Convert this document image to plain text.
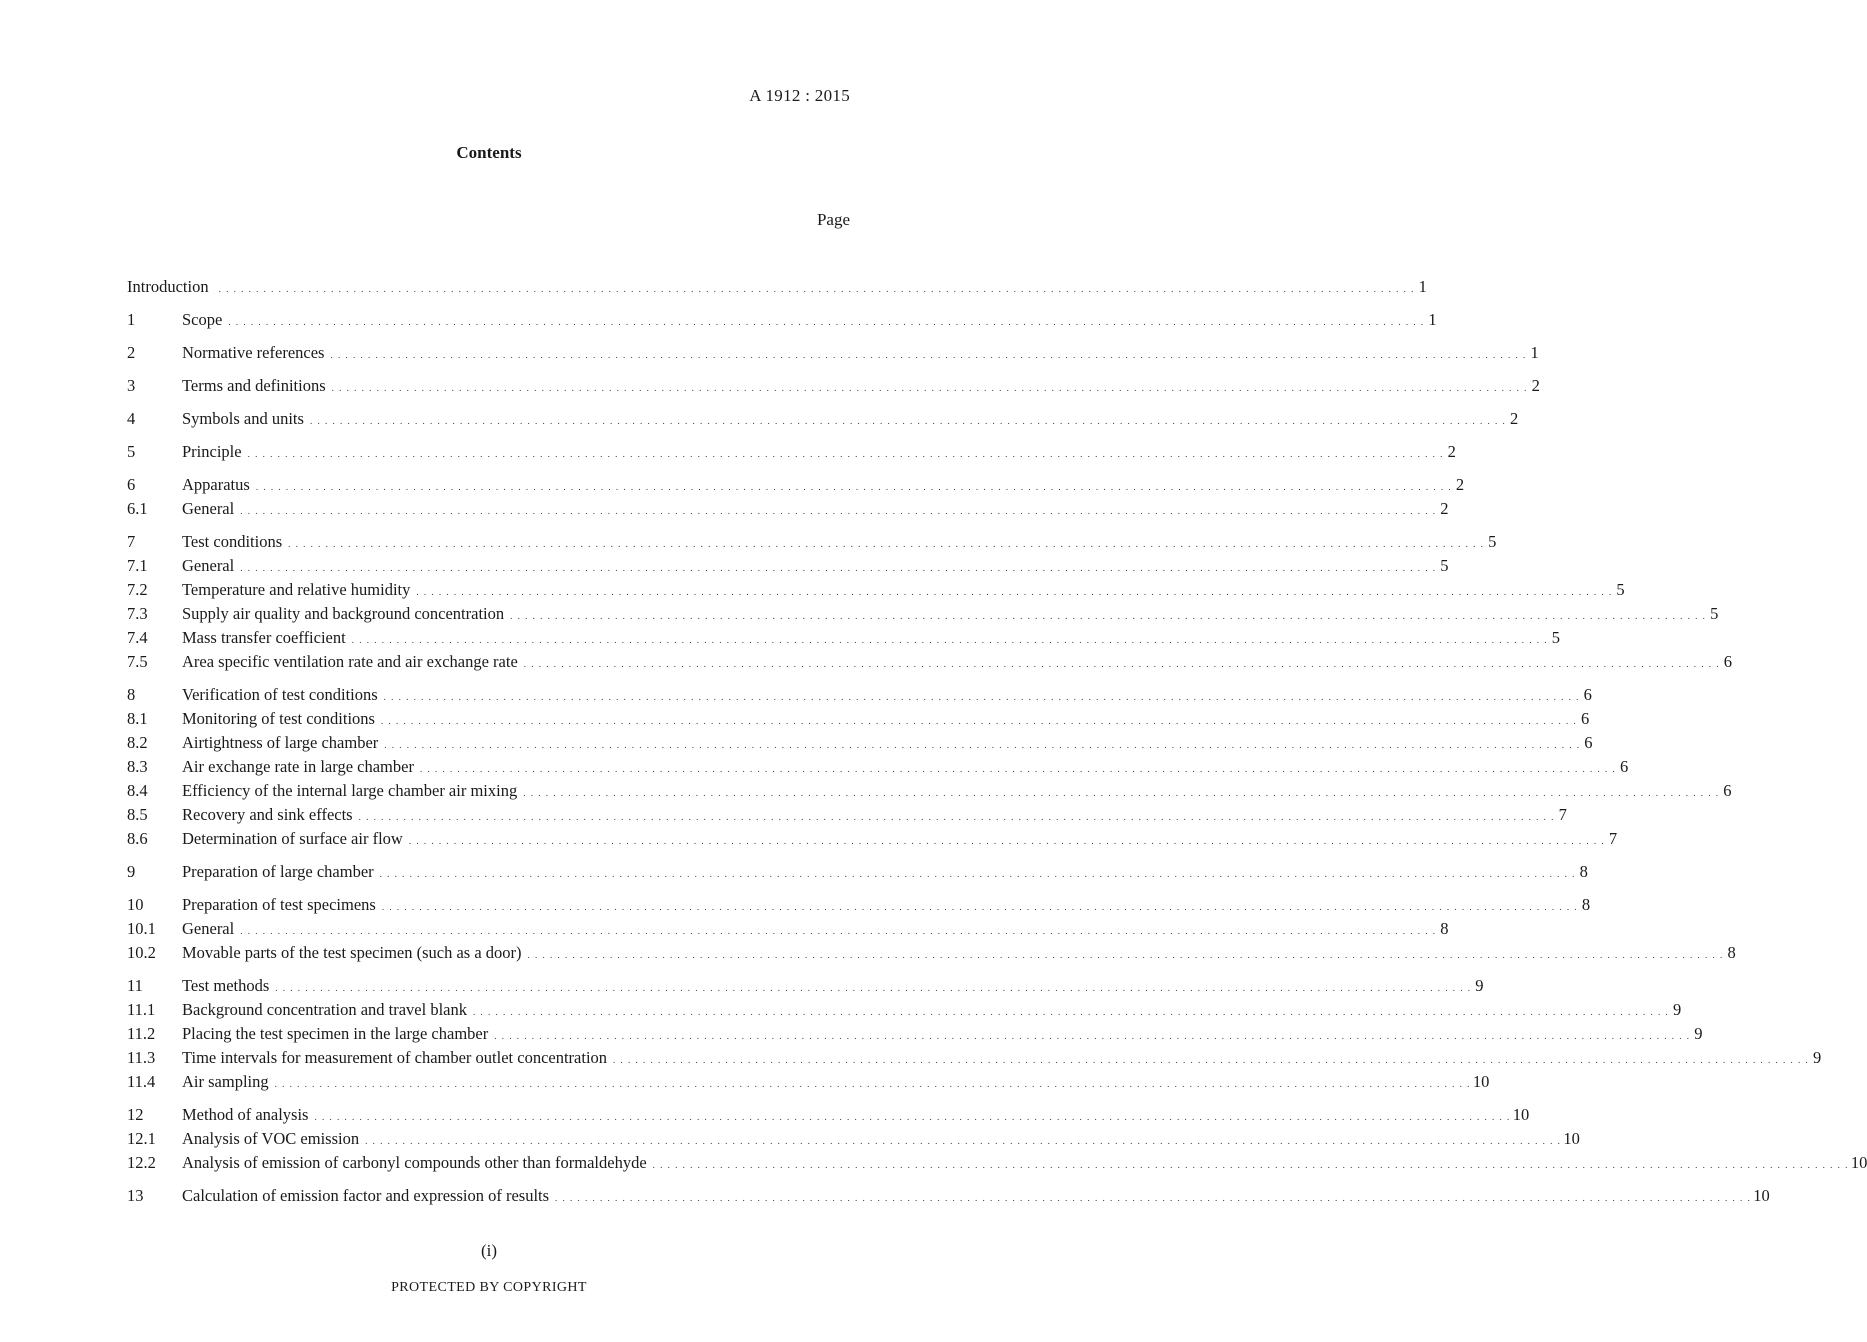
A 1912 : 2015
Contents
Page
Introduction	. . . . . . . . . . . . . . . . . . . . . . . . . . . . . . . . . . . . . . . . . . . . . . . . . . . . . . . . . . . . . . . . . . . . . . . . . . . . . . . . . . . . . . . . . . . . . . . . . . . . . . . . . . . . . . . . . . . . . . . . . . . . . . . . . . . . . . . . . . . . . . . . . . . . . . . . . . . . . . . . 1
1	Scope . . . . . . . . . . . . . . . . . . . . . . . . . . . . . . . . . . . . . . . . . . . . . . . . . . . . . . . . . . . . . . . . . . . . . . . . . . . . . . . . . . . . . . . . . . . . . . . . . . . . . . . . . . . . . . . . . . . . . . . . . . . . . . . . . . . . . . . . . . . . . . . . . . . . . . . . . . . . . . . . 1
2	Normative references . . . . . . . . . . . . . . . . . . . . . . . . . . . . . . . . . . . . . . . . . . . . . . . . . . . . . . . . . . . . . . . . . . . . . . . . . . . . . . . . . . . . . . . . . . . . . . . . . . . . . . . . . . . . . . . . . . . . . . . . . . . . . . . . . . . . . . . . . . . . . . . . . . . . . . . . . . . . . . . . 1
3	Terms and definitions . . . . . . . . . . . . . . . . . . . . . . . . . . . . . . . . . . . . . . . . . . . . . . . . . . . . . . . . . . . . . . . . . . . . . . . . . . . . . . . . . . . . . . . . . . . . . . . . . . . . . . . . . . . . . . . . . . . . . . . . . . . . . . . . . . . . . . . . . . . . . . . . . . . . . . . . . . . . . . . . 2
4	Symbols and units . . . . . . . . . . . . . . . . . . . . . . . . . . . . . . . . . . . . . . . . . . . . . . . . . . . . . . . . . . . . . . . . . . . . . . . . . . . . . . . . . . . . . . . . . . . . . . . . . . . . . . . . . . . . . . . . . . . . . . . . . . . . . . . . . . . . . . . . . . . . . . . . . . . . . . . . . . . . . . . . 2
5	Principle . . . . . . . . . . . . . . . . . . . . . . . . . . . . . . . . . . . . . . . . . . . . . . . . . . . . . . . . . . . . . . . . . . . . . . . . . . . . . . . . . . . . . . . . . . . . . . . . . . . . . . . . . . . . . . . . . . . . . . . . . . . . . . . . . . . . . . . . . . . . . . . . . . . . . . . . . . . . . . . . 2
6	Apparatus . . . . . . . . . . . . . . . . . . . . . . . . . . . . . . . . . . . . . . . . . . . . . . . . . . . . . . . . . . . . . . . . . . . . . . . . . . . . . . . . . . . . . . . . . . . . . . . . . . . . . . . . . . . . . . . . . . . . . . . . . . . . . . . . . . . . . . . . . . . . . . . . . . . . . . . . . . . . . . . . 2
6.1	General . . . . . . . . . . . . . . . . . . . . . . . . . . . . . . . . . . . . . . . . . . . . . . . . . . . . . . . . . . . . . . . . . . . . . . . . . . . . . . . . . . . . . . . . . . . . . . . . . . . . . . . . . . . . . . . . . . . . . . . . . . . . . . . . . . . . . . . . . . . . . . . . . . . . . . . . . . . . . . . . 2
7	Test conditions . . . . . . . . . . . . . . . . . . . . . . . . . . . . . . . . . . . . . . . . . . . . . . . . . . . . . . . . . . . . . . . . . . . . . . . . . . . . . . . . . . . . . . . . . . . . . . . . . . . . . . . . . . . . . . . . . . . . . . . . . . . . . . . . . . . . . . . . . . . . . . . . . . . . . . . . . . . . . . . . 5
7.1	General . . . . . . . . . . . . . . . . . . . . . . . . . . . . . . . . . . . . . . . . . . . . . . . . . . . . . . . . . . . . . . . . . . . . . . . . . . . . . . . . . . . . . . . . . . . . . . . . . . . . . . . . . . . . . . . . . . . . . . . . . . . . . . . . . . . . . . . . . . . . . . . . . . . . . . . . . . . . . . . . 5
7.2	Temperature and relative humidity . . . . . . . . . . . . . . . . . . . . . . . . . . . . . . . . . . . . . . . . . . . . . . . . . . . . . . . . . . . . . . . . . . . . . . . . . . . . . . . . . . . . . . . . . . . . . . . . . . . . . . . . . . . . . . . . . . . . . . . . . . . . . . . . . . . . . . . . . . . . . . . . . . . . . . . . . . . . . . . . 5
7.3	Supply air quality and background concentration . . . . . . . . . . . . . . . . . . . . . . . . . . . . . . . . . . . . . . . . . . . . . . . . . . . . . . . . . . . . . . . . . . . . . . . . . . . . . . . . . . . . . . . . . . . . . . . . . . . . . . . . . . . . . . . . . . . . . . . . . . . . . . . . . . . . . . . . . . . . . . . . . . . . . . . . . . . . . . . . 5
7.4	Mass transfer coefficient . . . . . . . . . . . . . . . . . . . . . . . . . . . . . . . . . . . . . . . . . . . . . . . . . . . . . . . . . . . . . . . . . . . . . . . . . . . . . . . . . . . . . . . . . . . . . . . . . . . . . . . . . . . . . . . . . . . . . . . . . . . . . . . . . . . . . . . . . . . . . . . . . . . . . . . . . . . . . . . . 5
7.5	Area specific ventilation rate and air exchange rate . . . . . . . . . . . . . . . . . . . . . . . . . . . . . . . . . . . . . . . . . . . . . . . . . . . . . . . . . . . . . . . . . . . . . . . . . . . . . . . . . . . . . . . . . . . . . . . . . . . . . . . . . . . . . . . . . . . . . . . . . . . . . . . . . . . . . . . . . . . . . . . . . . . . . . . . . . . . . . . . 6
8	Verification of test conditions . . . . . . . . . . . . . . . . . . . . . . . . . . . . . . . . . . . . . . . . . . . . . . . . . . . . . . . . . . . . . . . . . . . . . . . . . . . . . . . . . . . . . . . . . . . . . . . . . . . . . . . . . . . . . . . . . . . . . . . . . . . . . . . . . . . . . . . . . . . . . . . . . . . . . . . . . . . . . . . . 6
8.1	Monitoring of test conditions . . . . . . . . . . . . . . . . . . . . . . . . . . . . . . . . . . . . . . . . . . . . . . . . . . . . . . . . . . . . . . . . . . . . . . . . . . . . . . . . . . . . . . . . . . . . . . . . . . . . . . . . . . . . . . . . . . . . . . . . . . . . . . . . . . . . . . . . . . . . . . . . . . . . . . . . . . . . . . . . 6
8.2	Airtightness of large chamber . . . . . . . . . . . . . . . . . . . . . . . . . . . . . . . . . . . . . . . . . . . . . . . . . . . . . . . . . . . . . . . . . . . . . . . . . . . . . . . . . . . . . . . . . . . . . . . . . . . . . . . . . . . . . . . . . . . . . . . . . . . . . . . . . . . . . . . . . . . . . . . . . . . . . . . . . . . . . . . . 6
8.3	Air exchange rate in large chamber . . . . . . . . . . . . . . . . . . . . . . . . . . . . . . . . . . . . . . . . . . . . . . . . . . . . . . . . . . . . . . . . . . . . . . . . . . . . . . . . . . . . . . . . . . . . . . . . . . . . . . . . . . . . . . . . . . . . . . . . . . . . . . . . . . . . . . . . . . . . . . . . . . . . . . . . . . . . . . . . 6
8.4	Efficiency of the internal large chamber air mixing . . . . . . . . . . . . . . . . . . . . . . . . . . . . . . . . . . . . . . . . . . . . . . . . . . . . . . . . . . . . . . . . . . . . . . . . . . . . . . . . . . . . . . . . . . . . . . . . . . . . . . . . . . . . . . . . . . . . . . . . . . . . . . . . . . . . . . . . . . . . . . . . . . . . . . . . . . . . . . . . 6
8.5	Recovery and sink effects . . . . . . . . . . . . . . . . . . . . . . . . . . . . . . . . . . . . . . . . . . . . . . . . . . . . . . . . . . . . . . . . . . . . . . . . . . . . . . . . . . . . . . . . . . . . . . . . . . . . . . . . . . . . . . . . . . . . . . . . . . . . . . . . . . . . . . . . . . . . . . . . . . . . . . . . . . . . . . . . 7
8.6	Determination of surface air flow . . . . . . . . . . . . . . . . . . . . . . . . . . . . . . . . . . . . . . . . . . . . . . . . . . . . . . . . . . . . . . . . . . . . . . . . . . . . . . . . . . . . . . . . . . . . . . . . . . . . . . . . . . . . . . . . . . . . . . . . . . . . . . . . . . . . . . . . . . . . . . . . . . . . . . . . . . . . . . . . 7
9	Preparation of large chamber . . . . . . . . . . . . . . . . . . . . . . . . . . . . . . . . . . . . . . . . . . . . . . . . . . . . . . . . . . . . . . . . . . . . . . . . . . . . . . . . . . . . . . . . . . . . . . . . . . . . . . . . . . . . . . . . . . . . . . . . . . . . . . . . . . . . . . . . . . . . . . . . . . . . . . . . . . . . . . . . 8
10	Preparation of test specimens . . . . . . . . . . . . . . . . . . . . . . . . . . . . . . . . . . . . . . . . . . . . . . . . . . . . . . . . . . . . . . . . . . . . . . . . . . . . . . . . . . . . . . . . . . . . . . . . . . . . . . . . . . . . . . . . . . . . . . . . . . . . . . . . . . . . . . . . . . . . . . . . . . . . . . . . . . . . . . . . 8
10.1	General . . . . . . . . . . . . . . . . . . . . . . . . . . . . . . . . . . . . . . . . . . . . . . . . . . . . . . . . . . . . . . . . . . . . . . . . . . . . . . . . . . . . . . . . . . . . . . . . . . . . . . . . . . . . . . . . . . . . . . . . . . . . . . . . . . . . . . . . . . . . . . . . . . . . . . . . . . . . . . . . 8
10.2	Movable parts of the test specimen (such as a door) . . . . . . . . . . . . . . . . . . . . . . . . . . . . . . . . . . . . . . . . . . . . . . . . . . . . . . . . . . . . . . . . . . . . . . . . . . . . . . . . . . . . . . . . . . . . . . . . . . . . . . . . . . . . . . . . . . . . . . . . . . . . . . . . . . . . . . . . . . . . . . . . . . . . . . . . . . . . . . . . 8
11	Test methods . . . . . . . . . . . . . . . . . . . . . . . . . . . . . . . . . . . . . . . . . . . . . . . . . . . . . . . . . . . . . . . . . . . . . . . . . . . . . . . . . . . . . . . . . . . . . . . . . . . . . . . . . . . . . . . . . . . . . . . . . . . . . . . . . . . . . . . . . . . . . . . . . . . . . . . . . . . . . . . . 9
11.1	Background concentration and travel blank . . . . . . . . . . . . . . . . . . . . . . . . . . . . . . . . . . . . . . . . . . . . . . . . . . . . . . . . . . . . . . . . . . . . . . . . . . . . . . . . . . . . . . . . . . . . . . . . . . . . . . . . . . . . . . . . . . . . . . . . . . . . . . . . . . . . . . . . . . . . . . . . . . . . . . . . . . . . . . . . 9
11.2	Placing the test specimen in the large chamber . . . . . . . . . . . . . . . . . . . . . . . . . . . . . . . . . . . . . . . . . . . . . . . . . . . . . . . . . . . . . . . . . . . . . . . . . . . . . . . . . . . . . . . . . . . . . . . . . . . . . . . . . . . . . . . . . . . . . . . . . . . . . . . . . . . . . . . . . . . . . . . . . . . . . . . . . . . . . . . . 9
11.3	Time intervals for measurement of chamber outlet concentration . . . . . . . . . . . . . . . . . . . . . . . . . . . . . . . . . . . . . . . . . . . . . . . . . . . . . . . . . . . . . . . . . . . . . . . . . . . . . . . . . . . . . . . . . . . . . . . . . . . . . . . . . . . . . . . . . . . . . . . . . . . . . . . . . . . . . . . . . . . . . . . . . . . . . . . . . . . . . . . . 9
11.4	Air sampling . . . . . . . . . . . . . . . . . . . . . . . . . . . . . . . . . . . . . . . . . . . . . . . . . . . . . . . . . . . . . . . . . . . . . . . . . . . . . . . . . . . . . . . . . . . . . . . . . . . . . . . . . . . . . . . . . . . . . . . . . . . . . . . . . . . . . . . . . . . . . . . . . . . . . . . . . . . . . . . . 10
12	Method of analysis . . . . . . . . . . . . . . . . . . . . . . . . . . . . . . . . . . . . . . . . . . . . . . . . . . . . . . . . . . . . . . . . . . . . . . . . . . . . . . . . . . . . . . . . . . . . . . . . . . . . . . . . . . . . . . . . . . . . . . . . . . . . . . . . . . . . . . . . . . . . . . . . . . . . . . . . . . . . . . . . 10
12.1	Analysis of VOC emission . . . . . . . . . . . . . . . . . . . . . . . . . . . . . . . . . . . . . . . . . . . . . . . . . . . . . . . . . . . . . . . . . . . . . . . . . . . . . . . . . . . . . . . . . . . . . . . . . . . . . . . . . . . . . . . . . . . . . . . . . . . . . . . . . . . . . . . . . . . . . . . . . . . . . . . . . . . . . . . . 10
12.2	Analysis of emission of carbonyl compounds other than formaldehyde . . . . . . . . . . . . . . . . . . . . . . . . . . . . . . . . . . . . . . . . . . . . . . . . . . . . . . . . . . . . . . . . . . . . . . . . . . . . . . . . . . . . . . . . . . . . . . . . . . . . . . . . . . . . . . . . . . . . . . . . . . . . . . . . . . . . . . . . . . . . . . . . . . . . . . . . . . . . . . . . 10
13	Calculation of emission factor and expression of results . . . . . . . . . . . . . . . . . . . . . . . . . . . . . . . . . . . . . . . . . . . . . . . . . . . . . . . . . . . . . . . . . . . . . . . . . . . . . . . . . . . . . . . . . . . . . . . . . . . . . . . . . . . . . . . . . . . . . . . . . . . . . . . . . . . . . . . . . . . . . . . . . . . . . . . . . . . . . . . . 10
(i)
PROTECTED BY COPYRIGHT
